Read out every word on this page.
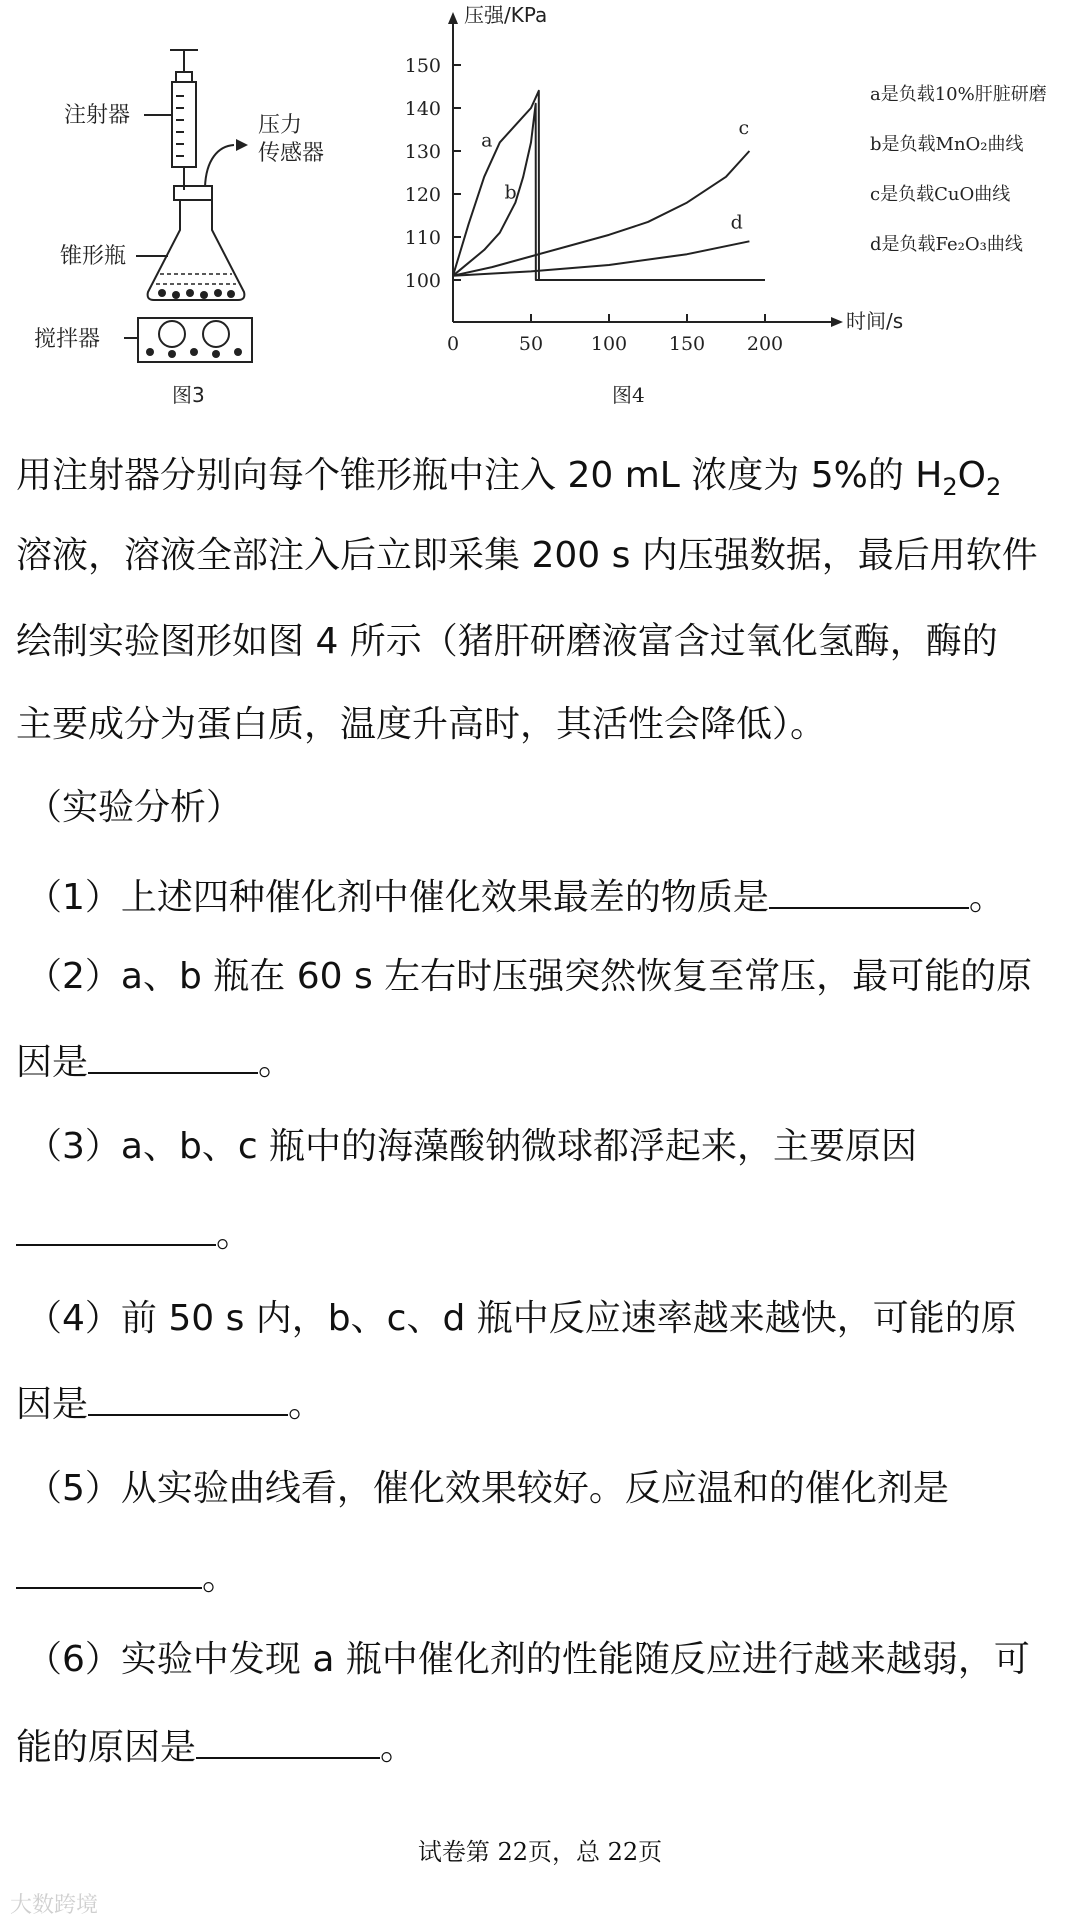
注射器	压力
传感器
锥形瓶
搅拌器
图3
100
110
120
130
140
150
0	50	100 150 200
a
b
c
d
压强/KPa
时间/s
a是负载10%肝脏研磨
b是负载MnO₂曲线
c是负载CuO曲线
d是负载Fe₂O₃曲线
图4
用注射器分别向每个锥形瓶中注入 20 mL 浓度为 5%的 $H_2O_2$
溶液，溶液全部注入后立即采集 200 s 内压强数据，最后用软件
绘制实验图形如图 4 所示（猪肝研磨液富含过氧化氢酶，酶的
主要成分为蛋白质，温度升高时，其活性会降低）。
（实验分析）
（1）上述四种催化剂中催化效果最差的物质是	。
（2）a、b 瓶在 60 s 左右时压强突然恢复至常压，最可能的原
因是	。
（3）a、b、c 瓶中的海藻酸钠微球都浮起来，主要原因
。
（4）前 50 s 内，b、c、d 瓶中反应速率越来越快，可能的原
因是	。
（5）从实验曲线看，催化效果较好。反应温和的催化剂是
。
（6）实验中发现 a 瓶中催化剂的性能随反应进行越来越弱，可
能的原因是	。
试卷第 22页，总 22页
大数跨境
